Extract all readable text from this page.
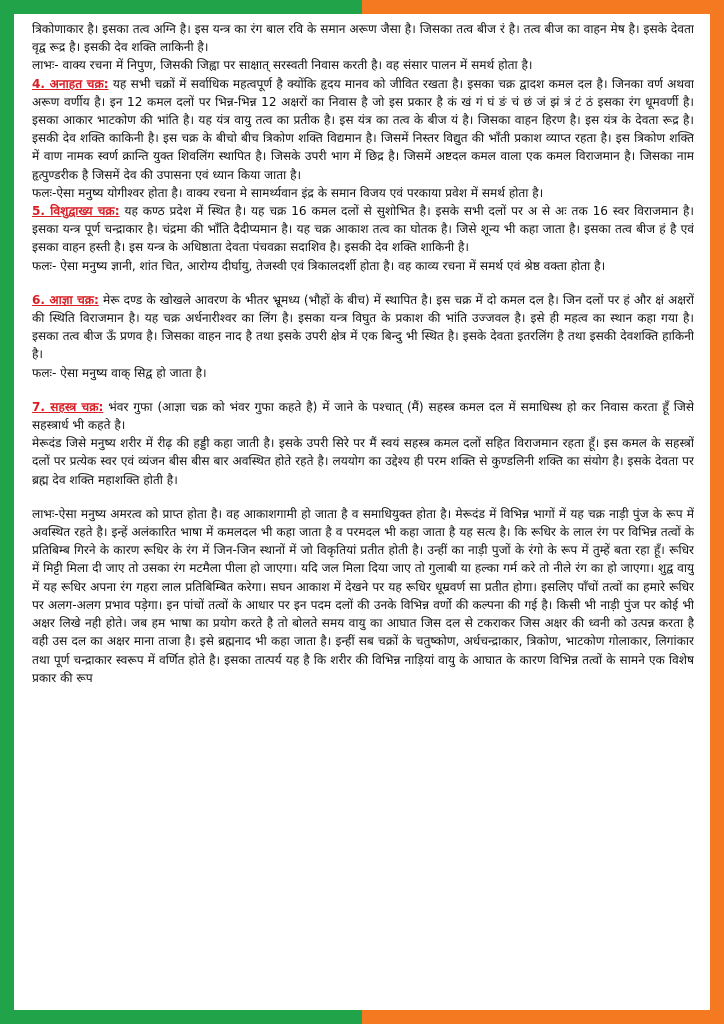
त्रिकोणाकार है। इसका तत्व अग्नि है। इस यन्त्र का रंग बाल रवि के समान अरूण जैसा है। जिसका तत्व बीज रं है। तत्व बीज का वाहन मेष है। इसके देवता वृद्व रूद्र है। इसकी देव शक्ति लाकिनी है।

लाभः- वाक्य रचना में निपुण, जिसकी जिह्वा पर साक्षात् सरस्वती निवास करती है। वह संसार पालन में समर्थ होता है।

4. अनाहत चक्र: यह सभी चक्रों में सर्वाधिक महत्वपूर्ण है क्योंकि हृदय मानव को जीवित रखता है। इसका चक्र द्वादश कमल दल है। जिनका वर्ण अथवा अरूण वर्णीय है। इन 12 कमल दलों पर भिन्न-भिन्न 12 अक्षरों का निवास है जो इस प्रकार है कं खं गं घं ङं चं छं जं झं त्रं टं ठं इसका रंग धूमवर्णी है। इसका आकार भाटकोण की भांति है। यह यंत्र वायु तत्व का प्रतीक है। इस यंत्र का तत्व के बीज यं है। जिसका वाहन हिरण है। इस यंत्र के देवता रूद्र है। इसकी देव शक्ति काकिनी है। इस चक्र के बीचो बीच त्रिकोण शक्ति विद्यमान है। जिसमें निस्तर विद्युत की भाँती प्रकाश व्याप्त रहता है। इस त्रिकोण शक्ति में वाण नामक स्वर्ण क्रान्ति युक्त शिवलिंग स्थापित है। जिसके उपरी भाग में छिद्र है। जिसमें अष्टदल कमल वाला एक कमल विराजमान है। जिसका नाम हृत्पुण्डरीक है जिसमें देव की उपासना एवं ध्यान किया जाता है।

फलः-ऐसा मनुष्य योगीश्वर होता है। वाक्य रचना मे सामर्थ्यवान इंद्र के समान विजय एवं परकाया प्रवेश में समर्थ होता है।

5. विशुद्वाख्य चक्र: यह कण्ठ प्रदेश में स्थित है। यह चक्र 16 कमल दलों से सुशोभित है। इसके सभी दलों पर अ से अः तक 16 स्वर विराजमान है। इसका यन्त्र पूर्ण चन्द्राकार है। चंद्रमा की भाँति दैदीप्यमान है। यह चक्र आकाश तत्व का घोतक है। जिसे शून्य भी कहा जाता है। इसका तत्व बीज हं है एवं इसका वाहन हस्ती है। इस यन्त्र के अधिष्ठाता देवता पंचवक्रा सदाशिव है। इसकी देव शक्ति शाकिनी है।

फलः- ऐसा मनुष्य ज्ञानी, शांत चित, आरोग्य दीर्घायु, तेजस्वी एवं त्रिकालदर्शी होता है। वह काव्य रचना में समर्थ एवं श्रेष्ठ वक्ता होता है।

6. आज्ञा चक्र: मेरू दण्ड के खोखले आवरण के भीतर भ्रूमध्य (भौहों के बीच) में स्थापित है। इस चक्र में दो कमल दल है। जिन दलों पर हं और क्षं अक्षरों की स्थिति विराजमान है। यह चक्र अर्धनारीश्वर का लिंग है। इसका यन्त्र विघुत के प्रकाश की भांति उज्जवल है। इसे ही महत्व का स्थान कहा गया है। इसका तत्व बीज ऊँ प्रणव है। जिसका वाहन नाद है तथा इसके उपरी क्षेत्र में एक बिन्दु भी स्थित है। इसके देवता इतरलिंग है तथा इसकी देवशक्ति हाकिनी है।

फलः- ऐसा मनुष्य वाक् सिद्व हो जाता है।

7. सहस्त्र चक्र: भंवर गुफा (आज्ञा चक्र को भंवर गुफा कहते है) में जाने के पश्चात् (मैं) सहस्त्र कमल दल में समाधिस्थ हो कर निवास करता हूँ जिसे सहस्त्रार्ध भी कहते है।

मेरूदंड जिसे मनुष्य शरीर में रीढ़ की हड्डी कहा जाती है। इसके उपरी सिरे पर मैं स्वयं सहस्त्र कमल दलों सहित विराजमान रहता हूँ। इस कमल के सहस्त्रों दलों पर प्रत्येक स्वर एवं व्यंजन बीस बीस बार अवस्थित होते रहते है। लययोग का उद्देश्य ही परम शक्ति से कुण्डलिनी शक्ति का संयोग है। इसके देवता पर ब्रह्म देव शक्ति महाशक्ति होती है।

लाभः-ऐसा मनुष्य अमरत्व को प्राप्त होता है। वह आकाशगामी हो जाता है व समाधियुक्त होता है। मेरूदंड में विभिन्न भागों में यह चक्र नाड़ी पुंज के रूप में अवस्थित रहते है। इन्हें अलंकारित भाषा में कमलदल भी कहा जाता है व परमदल भी कहा जाता है यह सत्य है। कि रूधिर के लाल रंग पर विभिन्न तत्वों के प्रतिबिम्ब गिरने के कारण रूधिर के रंग में जिन-जिन स्थानों में जो विकृतियां प्रतीत होती है। उन्हीं का नाड़ी पुजों के रंगो के रूप में तुम्हें बता रहा हूँ। रूधिर में मिट्टी मिला दी जाए तो उसका रंग मटमैला पीला हो जाएगा। यदि जल मिला दिया जाए तो गुलाबी या हल्का गर्म करे तो नीले रंग का हो जाएगा। शुद्व वायु में यह रूधिर अपना रंग गहरा लाल प्रतिबिम्बित करेगा। सघन आकाश में देखने पर यह रूधिर धूम्रवर्ण सा प्रतीत होगा। इसलिए पाँचों तत्वों का हमारे रूधिर पर अलग-अलग प्रभाव पड़ेगा। इन पांचों तत्वों के आधार पर इन पदम दलों की उनके विभिन्न वर्णो की कल्पना की गई है। किसी भी नाड़ी पुंज पर कोई भी अक्षर लिखे नही होते। जब हम भाषा का प्रयोग करते है तो बोलते समय वायु का आघात जिस दल से टकराकर जिस अक्षर की ध्वनी को उत्पन्न करता है वही उस दल का अक्षर माना ताजा है। इसे ब्रह्मनाद भी कहा जाता है। इन्हीं सब चक्रों के चतुष्कोण, अर्धचन्द्राकार, त्रिकोण, भाटकोण गोलाकार, लिगांकार तथा पूर्ण चन्द्राकार स्वरूप में वर्णित होते है। इसका तात्पर्य यह है कि शरीर की विभिन्न नाड़ियां वायु के आघात के कारण विभिन्न तत्वों के सामने एक विशेष प्रकार की रूप
